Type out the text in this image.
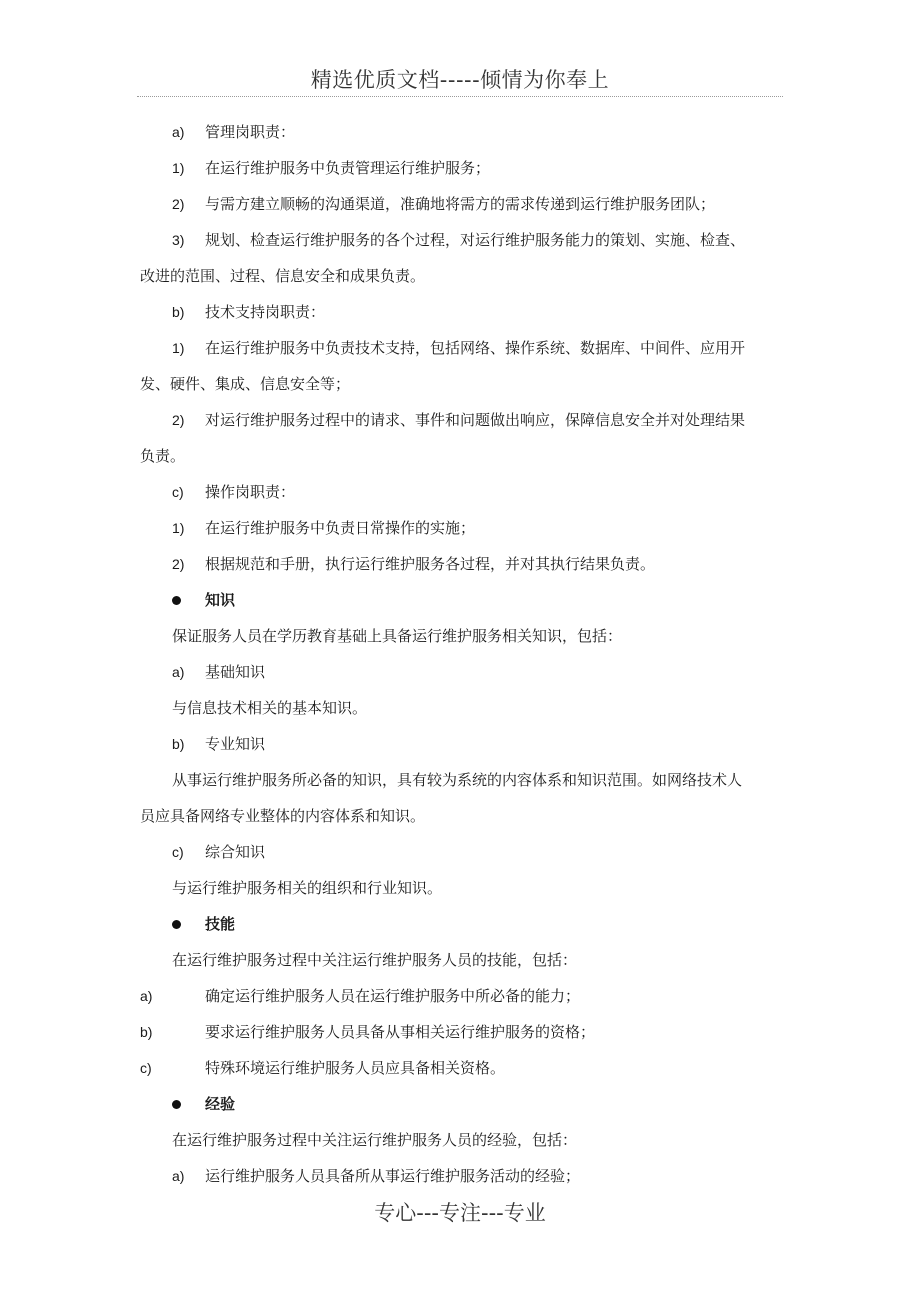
精选优质文档-----倾情为你奉上
a) 管理岗职责：
1) 在运行维护服务中负责管理运行维护服务；
2) 与需方建立顺畅的沟通渠道，准确地将需方的需求传递到运行维护服务团队；
3) 规划、检查运行维护服务的各个过程，对运行维护服务能力的策划、实施、检查、
改进的范围、过程、信息安全和成果负责。
b) 技术支持岗职责：
1) 在运行维护服务中负责技术支持，包括网络、操作系统、数据库、中间件、应用开
发、硬件、集成、信息安全等；
2) 对运行维护服务过程中的请求、事件和问题做出响应，保障信息安全并对处理结果
负责。
c) 操作岗职责：
1) 在运行维护服务中负责日常操作的实施；
2) 根据规范和手册，执行运行维护服务各过程，并对其执行结果负责。
知识
保证服务人员在学历教育基础上具备运行维护服务相关知识，包括：
a) 基础知识
与信息技术相关的基本知识。
b) 专业知识
从事运行维护服务所必备的知识，具有较为系统的内容体系和知识范围。如网络技术人
员应具备网络专业整体的内容体系和知识。
c) 综合知识
与运行维护服务相关的组织和行业知识。
技能
在运行维护服务过程中关注运行维护服务人员的技能，包括：
a)	确定运行维护服务人员在运行维护服务中所必备的能力；
b)	要求运行维护服务人员具备从事相关运行维护服务的资格；
c)	特殊环境运行维护服务人员应具备相关资格。
经验
在运行维护服务过程中关注运行维护服务人员的经验，包括：
a) 运行维护服务人员具备所从事运行维护服务活动的经验；
专心---专注---专业
